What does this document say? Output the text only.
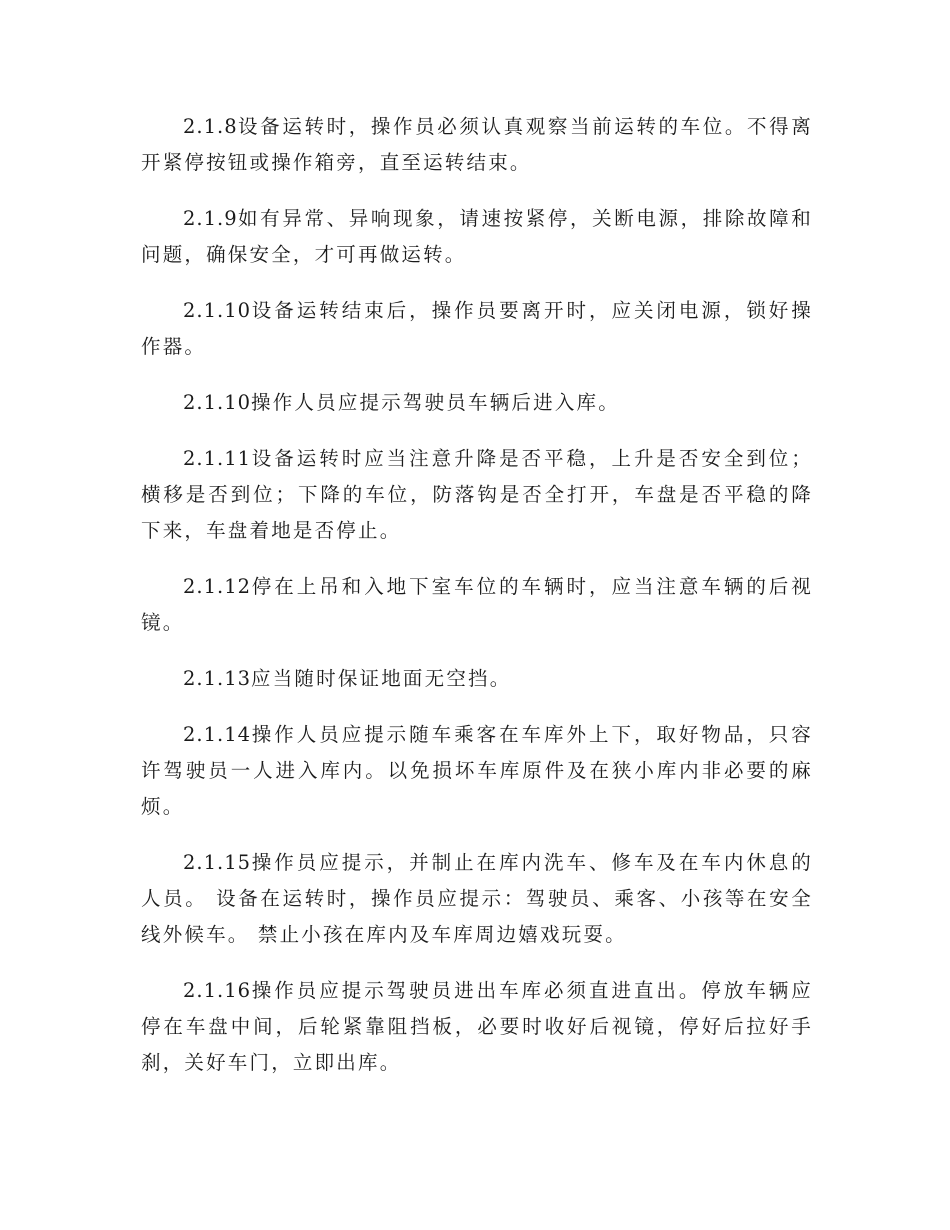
2.1.8设备运转时，操作员必须认真观察当前运转的车位。不得离开紧停按钮或操作箱旁，直至运转结束。

2.1.9如有异常、异响现象，请速按紧停，关断电源，排除故障和问题，确保安全，才可再做运转。

2.1.10设备运转结束后，操作员要离开时，应关闭电源，锁好操作器。

2.1.10操作人员应提示驾驶员车辆后进入库。

2.1.11设备运转时应当注意升降是否平稳，上升是否安全到位；横移是否到位；下降的车位，防落钩是否全打开，车盘是否平稳的降下来，车盘着地是否停止。

2.1.12停在上吊和入地下室车位的车辆时，应当注意车辆的后视镜。

2.1.13应当随时保证地面无空挡。

2.1.14操作人员应提示随车乘客在车库外上下，取好物品，只容许驾驶员一人进入库内。以免损坏车库原件及在狭小库内非必要的麻烦。

2.1.15操作员应提示，并制止在库内洗车、修车及在车内休息的人员。 设备在运转时，操作员应提示：驾驶员、乘客、小孩等在安全线外候车。 禁止小孩在库内及车库周边嬉戏玩耍。

2.1.16操作员应提示驾驶员进出车库必须直进直出。停放车辆应停在车盘中间，后轮紧靠阻挡板，必要时收好后视镜，停好后拉好手刹，关好车门，立即出库。
